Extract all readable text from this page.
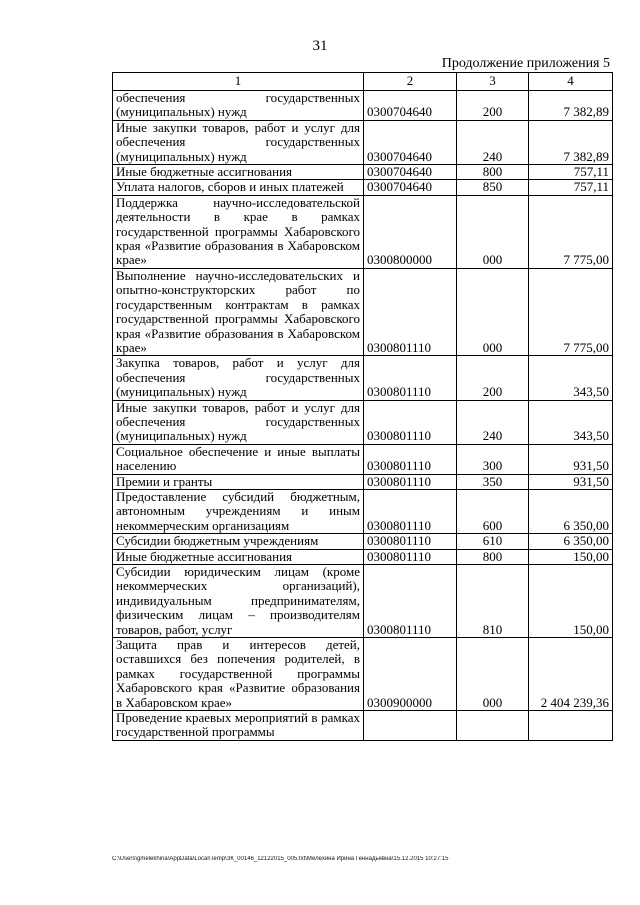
31
Продолжение приложения 5
1	2	3	4
обеспечения государственных (муниципальных) нужд	0300704640	200	7 382,89
Иные закупки товаров, работ и услуг для обеспечения государственных (муниципальных) нужд	0300704640	240	7 382,89
Иные бюджетные ассигнования	0300704640	800	757,11
Уплата налогов, сборов и иных платежей	0300704640	850	757,11
Поддержка научно-исследовательской деятельности в крае в рамках государственной программы Хабаровского края «Развитие образования в Хабаровском крае»	0300800000	000	7 775,00
Выполнение научно-исследовательских и опытно-конструкторских работ по государственным контрактам в рамках государственной программы Хабаровского края «Развитие образования в Хабаровском крае»	0300801110	000	7 775,00
Закупка товаров, работ и услуг для обеспечения государственных (муниципальных) нужд	0300801110	200	343,50
Иные закупки товаров, работ и услуг для обеспечения государственных (муниципальных) нужд	0300801110	240	343,50
Социальное обеспечение и иные выплаты населению	0300801110	300	931,50
Премии и гранты	0300801110	350	931,50
Предоставление субсидий бюджетным, автономным учреждениям и иным некоммерческим организациям	0300801110	600	6 350,00
Субсидии бюджетным учреждениям	0300801110	610	6 350,00
Иные бюджетные ассигнования	0300801110	800	150,00
Субсидии юридическим лицам (кроме некоммерческих организаций), индивидуальным предпринимателям, физическим лицам – производителям товаров, работ, услуг	0300801110	810	150,00
Защита прав и интересов детей, оставшихся без попечения родителей, в рамках государственной программы Хабаровского края «Развитие образования в Хабаровском крае»	0300900000	000	2 404 239,36
Проведение краевых мероприятий в рамках государственной программы			
C:\Users\gmelekhina\AppData\Local\Temp\ЗК_00146_12122015_005.txt\Мелехина Ирина Геннадьевна\15.12.2015 10:27:15
